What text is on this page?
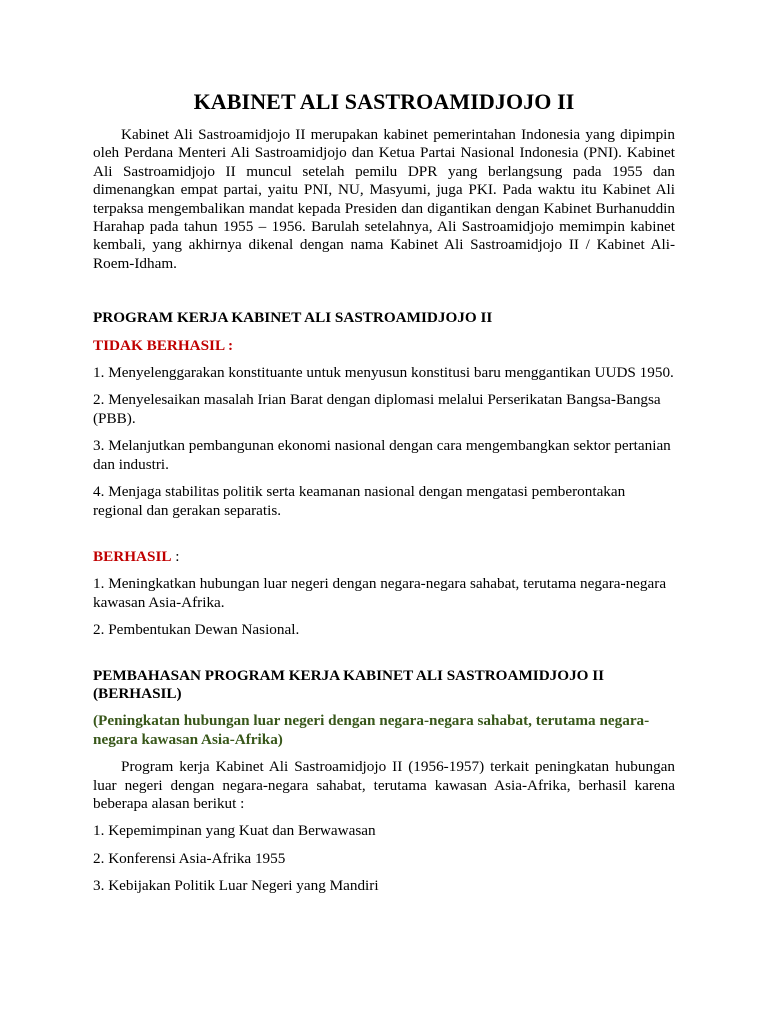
KABINET ALI SASTROAMIDJOJO II

Kabinet Ali Sastroamidjojo II merupakan kabinet pemerintahan Indonesia yang dipimpin oleh Perdana Menteri Ali Sastroamidjojo dan Ketua Partai Nasional Indonesia (PNI). Kabinet Ali Sastroamidjojo II muncul setelah pemilu DPR yang berlangsung pada 1955 dan dimenangkan empat partai, yaitu PNI, NU, Masyumi, juga PKI. Pada waktu itu Kabinet Ali terpaksa mengembalikan mandat kepada Presiden dan digantikan dengan Kabinet Burhanuddin Harahap pada tahun 1955 – 1956. Barulah setelahnya, Ali Sastroamidjojo memimpin kabinet kembali, yang akhirnya dikenal dengan nama Kabinet Ali Sastroamidjojo II / Kabinet Ali-Roem-Idham.

PROGRAM KERJA KABINET ALI SASTROAMIDJOJO II

TIDAK BERHASIL :

1. Menyelenggarakan konstituante untuk menyusun konstitusi baru menggantikan UUDS 1950.

2. Menyelesaikan masalah Irian Barat dengan diplomasi melalui Perserikatan Bangsa-Bangsa (PBB).

3. Melanjutkan pembangunan ekonomi nasional dengan cara mengembangkan sektor pertanian dan industri.

4. Menjaga stabilitas politik serta keamanan nasional dengan mengatasi pemberontakan regional dan gerakan separatis.

BERHASIL :

1. Meningkatkan hubungan luar negeri dengan negara-negara sahabat, terutama negara-negara kawasan Asia-Afrika.

2. Pembentukan Dewan Nasional.

PEMBAHASAN PROGRAM KERJA KABINET ALI SASTROAMIDJOJO II (BERHASIL)

(Peningkatan hubungan luar negeri dengan negara-negara sahabat, terutama negara-negara kawasan Asia-Afrika)

Program kerja Kabinet Ali Sastroamidjojo II (1956-1957) terkait peningkatan hubungan luar negeri dengan negara-negara sahabat, terutama kawasan Asia-Afrika, berhasil karena beberapa alasan berikut :

1. Kepemimpinan yang Kuat dan Berwawasan

2. Konferensi Asia-Afrika 1955

3. Kebijakan Politik Luar Negeri yang Mandiri
